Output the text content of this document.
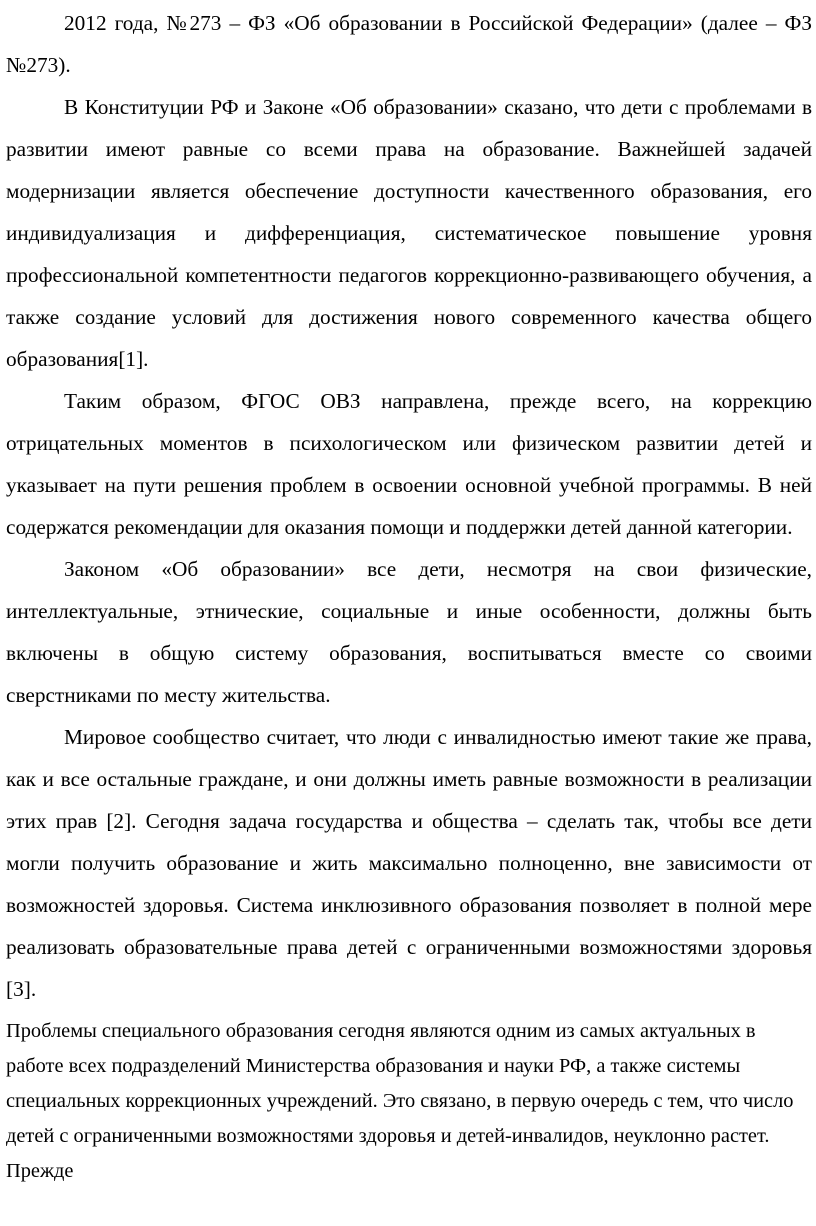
2012 года, №273 – ФЗ «Об образовании в Российской Федерации» (далее – ФЗ №273).

В Конституции РФ и Законе «Об образовании» сказано, что дети с проблемами в развитии имеют равные со всеми права на образование. Важнейшей задачей модернизации является обеспечение доступности качественного образования, его индивидуализация и дифференциация, систематическое повышение уровня профессиональной компетентности педагогов коррекционно-развивающего обучения, а также создание условий для достижения нового современного качества общего образования[1].

Таким образом, ФГОС ОВЗ направлена, прежде всего, на коррекцию отрицательных моментов в психологическом или физическом развитии детей и указывает на пути решения проблем в освоении основной учебной программы. В ней содержатся рекомендации для оказания помощи и поддержки детей данной категории.

Законом «Об образовании» все дети, несмотря на свои физические, интеллектуальные, этнические, социальные и иные особенности, должны быть включены в общую систему образования, воспитываться вместе со своими сверстниками по месту жительства.

Мировое сообщество считает, что люди с инвалидностью имеют такие же права, как и все остальные граждане, и они должны иметь равные возможности в реализации этих прав [2]. Сегодня задача государства и общества – сделать так, чтобы все дети могли получить образование и жить максимально полноценно, вне зависимости от возможностей здоровья. Система инклюзивного образования позволяет в полной мере реализовать образовательные права детей с ограниченными возможностями здоровья [3].

Проблемы специального образования сегодня являются одним из самых актуальных в работе всех подразделений Министерства образования и науки РФ, а также системы специальных коррекционных учреждений. Это связано, в первую очередь с тем, что число детей с ограниченными возможностями здоровья и детей-инвалидов, неуклонно растет. Прежде
